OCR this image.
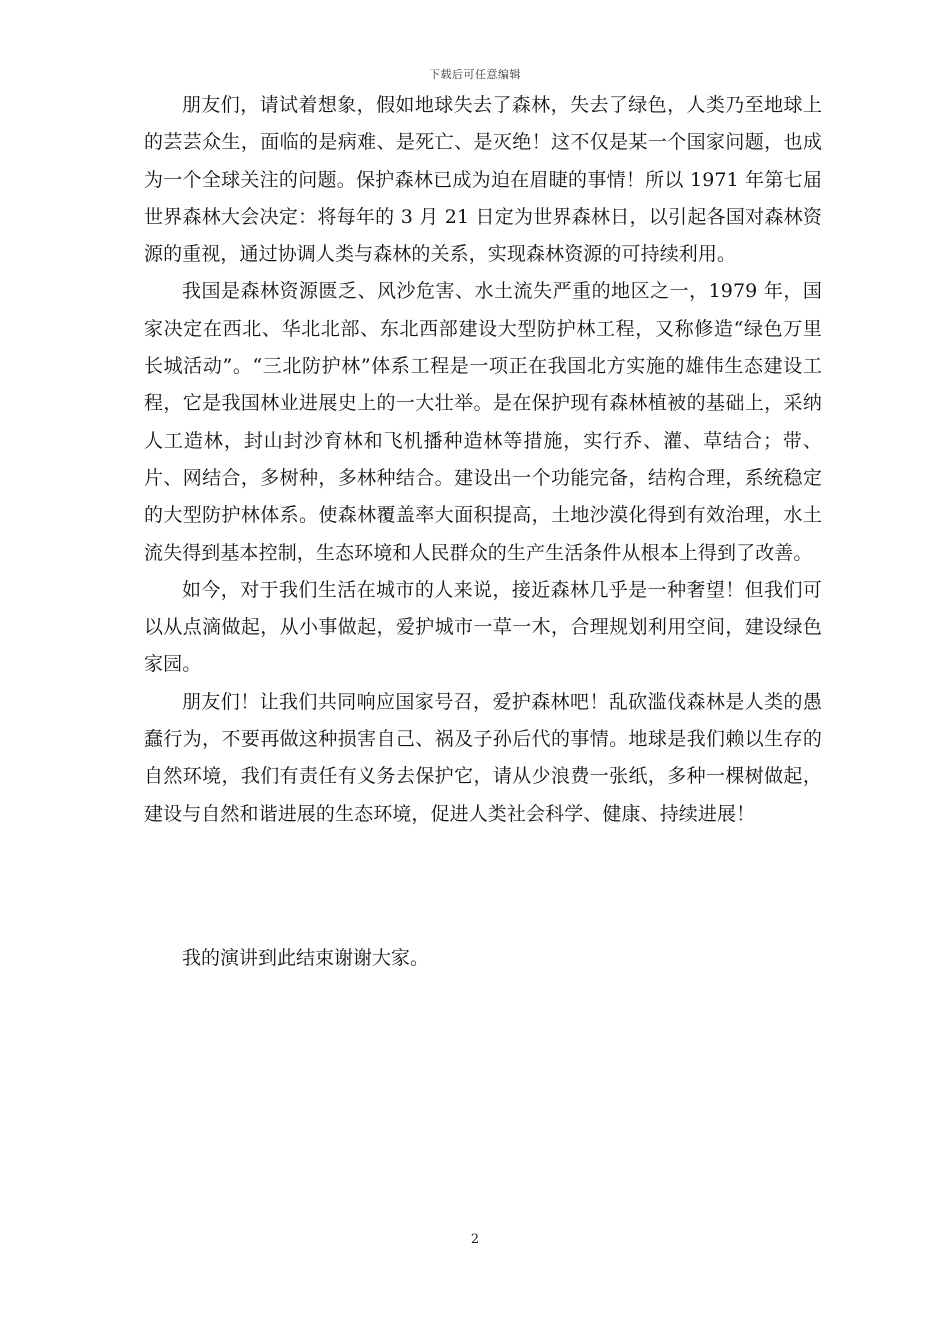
下载后可任意编辑

朋友们，请试着想象，假如地球失去了森林，失去了绿色，人类乃至地球上的芸芸众生，面临的是病难、是死亡、是灭绝！这不仅是某一个国家问题，也成为一个全球关注的问题。保护森林已成为迫在眉睫的事情！所以 1971 年第七届世界森林大会决定：将每年的 3 月 21 日定为世界森林日，以引起各国对森林资源的重视，通过协调人类与森林的关系，实现森林资源的可持续利用。

我国是森林资源匮乏、风沙危害、水土流失严重的地区之一，1979 年，国家决定在西北、华北北部、东北西部建设大型防护林工程，又称修造“绿色万里长城活动”。“三北防护林”体系工程是一项正在我国北方实施的雄伟生态建设工程，它是我国林业进展史上的一大壮举。是在保护现有森林植被的基础上，采纳人工造林，封山封沙育林和飞机播种造林等措施，实行乔、灌、草结合；带、片、网结合，多树种，多林种结合。建设出一个功能完备，结构合理，系统稳定的大型防护林体系。使森林覆盖率大面积提高，土地沙漠化得到有效治理，水土流失得到基本控制，生态环境和人民群众的生产生活条件从根本上得到了改善。

如今，对于我们生活在城市的人来说，接近森林几乎是一种奢望！但我们可以从点滴做起，从小事做起，爱护城市一草一木，合理规划利用空间，建设绿色家园。

朋友们！让我们共同响应国家号召，爱护森林吧！乱砍滥伐森林是人类的愚蠢行为，不要再做这种损害自己、祸及子孙后代的事情。地球是我们赖以生存的自然环境，我们有责任有义务去保护它，请从少浪费一张纸，多种一棵树做起，建设与自然和谐进展的生态环境，促进人类社会科学、健康、持续进展！

我的演讲到此结束谢谢大家。

2
